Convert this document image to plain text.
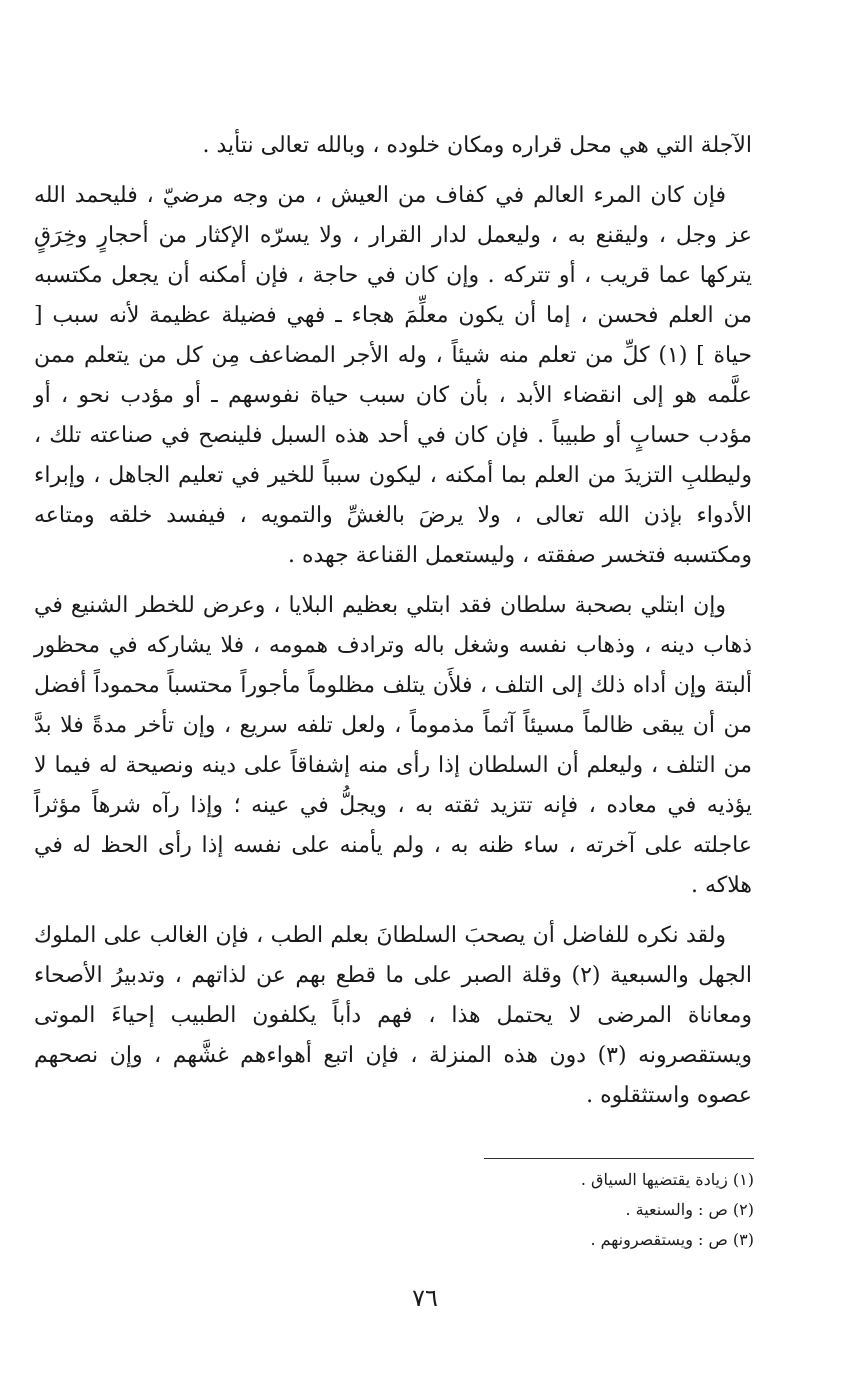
الآجلة التي هي محل قراره ومكان خلوده ، وبالله تعالى نتأيد .

فإن كان المرء العالم في كفاف من العيش ، من وجه مرضيّ ، فليحمد الله عز وجل ، وليقنع به ، وليعمل لدار القرار ، ولا يسرّه الإكثار من أحجارٍ وخِرَقٍ يتركها عما قريب ، أو تتركه . وإن كان في حاجة ، فإن أمكنه أن يجعل مكتسبه من العلم فحسن ، إما أن يكون معلِّمَ هجاء ـ فهي فضيلة عظيمة لأنه سبب [ حياة ] (١) كلِّ من تعلم منه شيئاً ، وله الأجر المضاعف مِن كل من يتعلم ممن علَّمه هو إلى انقضاء الأبد ، بأن كان سبب حياة نفوسهم ـ أو مؤدب نحو ، أو مؤدب حسابٍ أو طبيباً . فإن كان في أحد هذه السبل فلينصح في صناعته تلك ، وليطلبِ التزيدَ من العلم بما أمكنه ، ليكون سبباً للخير في تعليم الجاهل ، وإبراء الأدواء بإذن الله تعالى ، ولا يرضَ بالغشِّ والتمويه ، فيفسد خلقه ومتاعه ومكتسبه فتخسر صفقته ، وليستعمل القناعة جهده .

وإن ابتلي بصحبة سلطان فقد ابتلي بعظيم البلايا ، وعرض للخطر الشنيع في ذهاب دينه ، وذهاب نفسه وشغل باله وترادف همومه ، فلا يشاركه في محظور ألبتة وإن أداه ذلك إلى التلف ، فلأَن يتلف مظلوماً مأجوراً محتسباً محموداً أفضل من أن يبقى ظالماً مسيئاً آثماً مذموماً ، ولعل تلفه سريع ، وإن تأخر مدةً فلا بدَّ من التلف ، وليعلم أن السلطان إذا رأى منه إشفاقاً على دينه ونصيحة له فيما لا يؤذيه في معاده ، فإنه تتزيد ثقته به ، ويجلُّ في عينه ؛ وإذا رآه شرهاً مؤثراً عاجلته على آخرته ، ساء ظنه به ، ولم يأمنه على نفسه إذا رأى الحظ له في هلاكه .

ولقد نكره للفاضل أن يصحبَ السلطانَ بعلم الطب ، فإن الغالب على الملوك الجهل والسبعية (٢) وقلة الصبر على ما قطع بهم عن لذاتهم ، وتدبيرُ الأصحاء ومعاناة المرضى لا يحتمل هذا ، فهم دأباً يكلفون الطبيب إحياءَ الموتى ويستقصرونه (٣) دون هذه المنزلة ، فإن اتبع أهواءهم غشَّهم ، وإن نصحهم عصوه واستثقلوه .

(١) زيادة يقتضيها السياق .

(٢) ص : والسنعية .

(٣) ص : ويستقصرونهم .

٧٦
